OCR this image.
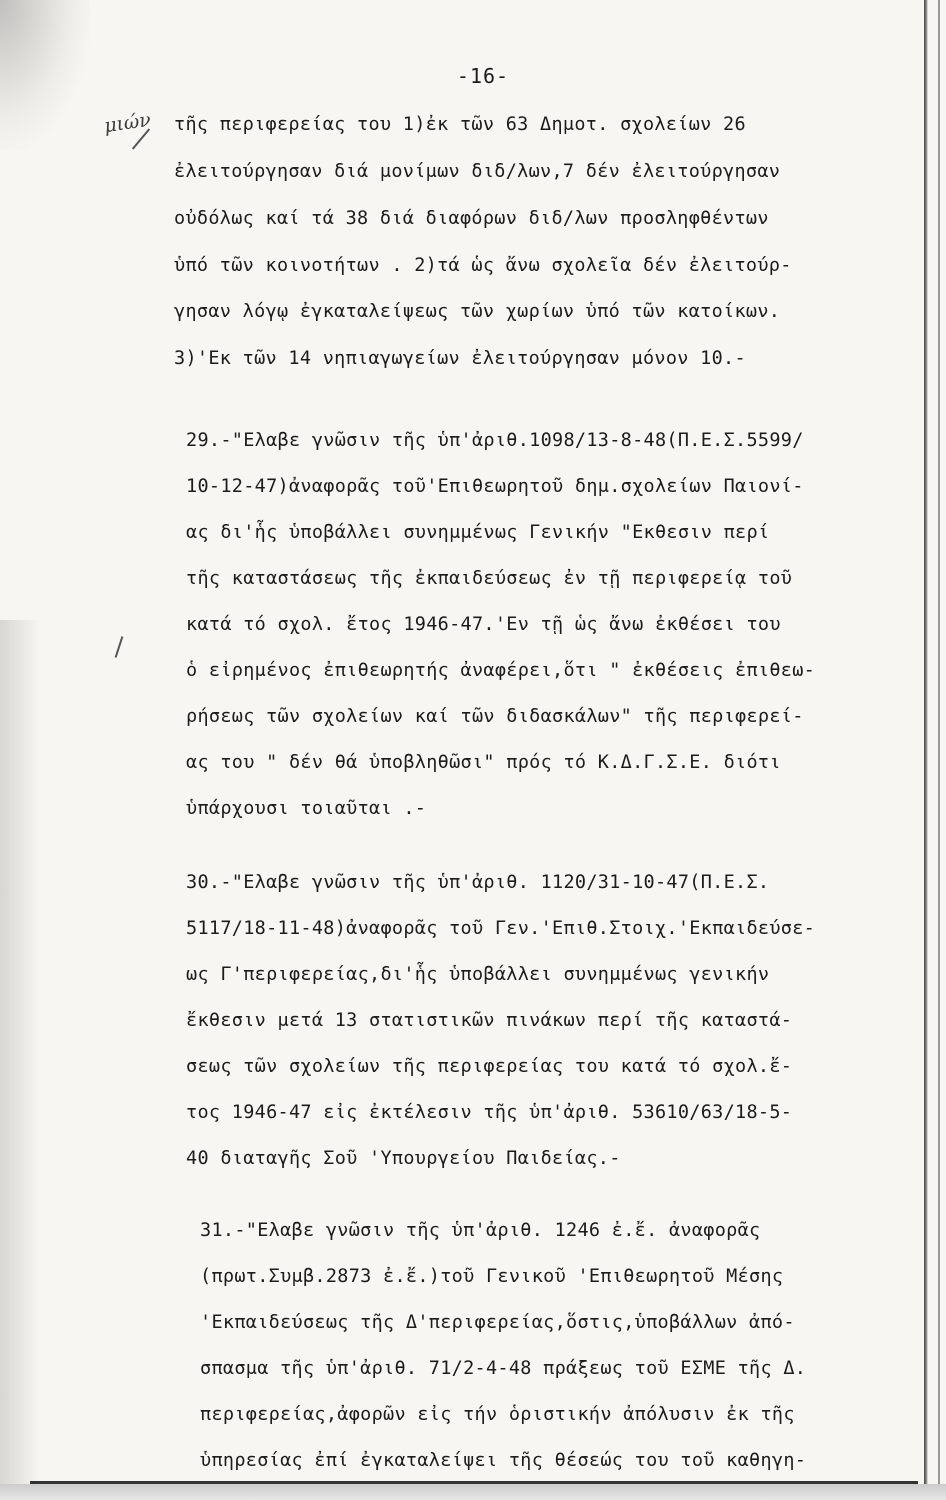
-16-
μιών τῆς περιφερείας του 1)ἐκ τῶν 63 Δημοτ. σχολείων 26
ἐλειτούργησαν διά μονίμων διδ/λων,7 δέν ἐλειτούργησαν
οὐδόλως καί τά 38 διά διαφόρων διδ/λων προσληφθέντων
ὑπό τῶν κοινοτήτων . 2)τά ὡς ἄνω σχολεῖα δέν ἐλειτούρ-
γησαν λόγῳ ἐγκαταλείψεως τῶν χωρίων ὑπό τῶν κατοίκων.
3)'Εκ τῶν 14 νηπιαγωγείων ἐλειτούργησαν μόνον 10.-
29.-"Ελαβε γνῶσιν τῆς ὑπ'ἀριθ.1098/13-8-48(Π.Ε.Σ.5599/
10-12-47)ἀναφορᾶς τοῦ'Επιθεωρητοῦ δημ.σχολείων Παιονί-
ας δι'ἧς ὑποβάλλει συνημμένως Γενικήν "Εκθεσιν περί
τῆς καταστάσεως τῆς ἐκπαιδεύσεως ἐν τῇ περιφερείᾳ τοῦ
κατά τό σχολ. ἔτος 1946-47.'Εν τῇ ὡς ἄνω ἐκθέσει του
ὁ εἰρημένος ἐπιθεωρητής ἀναφέρει,ὅτι " ἐκθέσεις ἐπιθεω-
ρήσεως τῶν σχολείων καί τῶν διδασκάλων" τῆς περιφερεί-
ας του " δέν θά ὑποβληθῶσι" πρός τό Κ.Δ.Γ.Σ.Ε. διότι
ὑπάρχουσι τοιαῦται .-
30.-"Ελαβε γνῶσιν τῆς ὑπ'ἀριθ. 1120/31-10-47(Π.Ε.Σ.
5117/18-11-48)ἀναφορᾶς τοῦ Γεν.'Επιθ.Στοιχ.'Εκπαιδεύσε-
ως Γ'περιφερείας,δι'ἧς ὑποβάλλει συνημμένως γενικήν
ἔκθεσιν μετά 13 στατιστικῶν πινάκων περί τῆς καταστά-
σεως τῶν σχολείων τῆς περιφερείας του κατά τό σχολ.ἔ-
τος 1946-47 εἰς ἐκτέλεσιν τῆς ὑπ'ἀριθ. 53610/63/18-5-
40 διαταγῆς Σοῦ 'Υπουργείου Παιδείας.-
31.-"Ελαβε γνῶσιν τῆς ὑπ'ἀριθ. 1246 ἐ.ἔ. ἀναφορᾶς
(πρωτ.Συμβ.2873 ἐ.ἔ.)τοῦ Γενικοῦ 'Επιθεωρητοῦ Μέσης
'Εκπαιδεύσεως τῆς Δ'περιφερείας,ὅστις,ὑποβάλλων ἀπό-
σπασμα τῆς ὑπ'ἀριθ. 71/2-4-48 πράξεως τοῦ ΕΣΜΕ τῆς Δ.
περιφερείας,ἀφορῶν εἰς τήν ὁριστικήν ἀπόλυσιν ἐκ τῆς
ὑπηρεσίας ἐπί ἐγκαταλείψει τῆς θέσεώς του τοῦ καθηγη-
